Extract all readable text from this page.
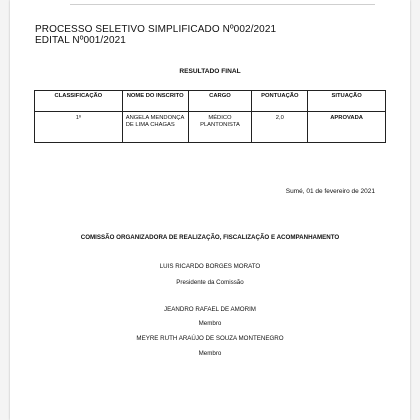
PROCESSO SELETIVO SIMPLIFICADO Nº002/2021
EDITAL Nº001/2021
RESULTADO FINAL
CLASSIFICAÇÃO	NOME DO INSCRITO	CARGO	PONTUAÇÃO	SITUAÇÃO
1º	ANGELA MENDONÇA DE LIMA CHAGAS	MÉDICO PLANTONISTA	2,0	APROVADA
Sumé, 01 de fevereiro de 2021
COMISSÃO ORGANIZADORA DE REALIZAÇÃO, FISCALIZAÇÃO E ACOMPANHAMENTO
LUIS RICARDO BORGES MORATO
Presidente da Comissão
JEANDRO RAFAEL DE AMORIM
Membro
MEYRE RUTH ARAÚJO DE SOUZA MONTENEGRO
Membro
